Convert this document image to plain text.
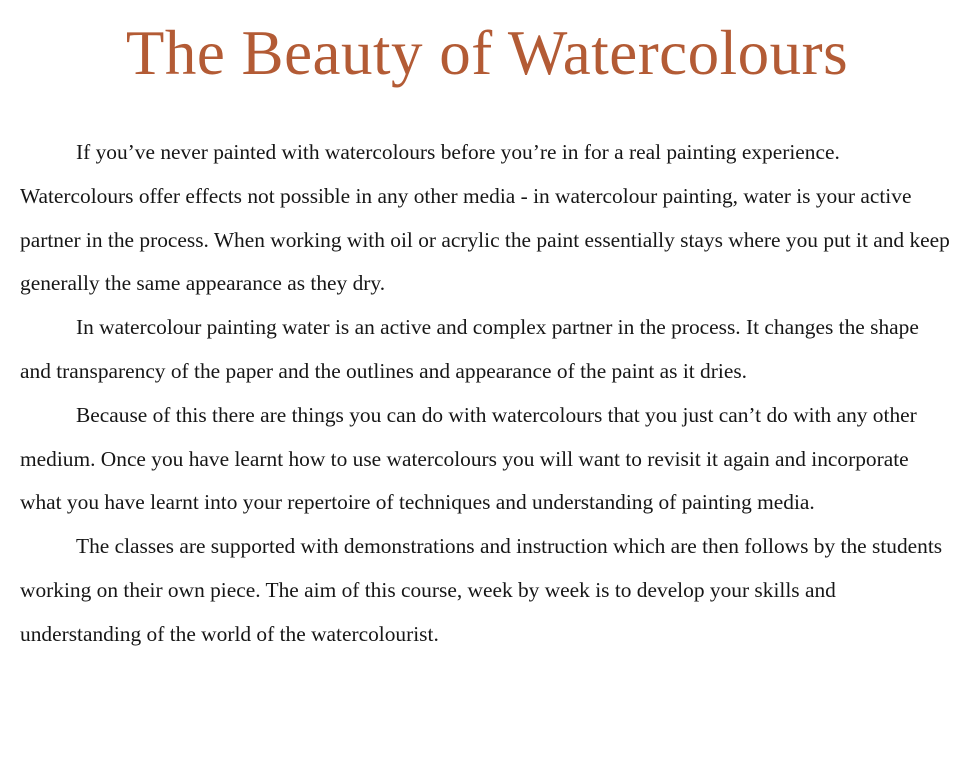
The Beauty of Watercolours

If you’ve never painted with watercolours before you’re in for a real painting experience. Watercolours offer effects not possible in any other media - in watercolour painting, water is your active partner in the process. When working with oil or acrylic the paint essentially stays where you put it and keep generally the same appearance as they dry.

In watercolour painting water is an active and complex partner in the process. It changes the shape and transparency of the paper and the outlines and appearance of the paint as it dries.

Because of this there are things you can do with watercolours that you just can’t do with any other medium. Once you have learnt how to use watercolours you will want to revisit it again and incorporate what you have learnt into your repertoire of techniques and understanding of painting media.

The classes are supported with demonstrations and instruction which are then follows by the students working on their own piece. The aim of this course, week by week is to develop your skills and understanding of the world of the watercolourist.
